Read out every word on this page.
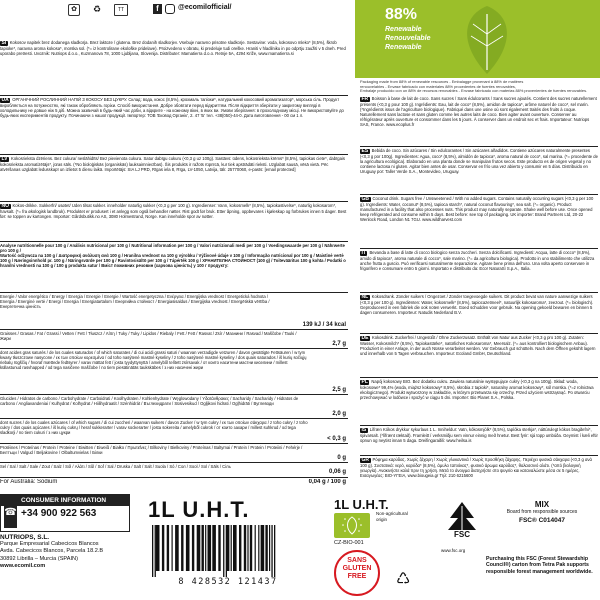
✿	♻	TT	f	@ecomilofficial/	88%
Renewable
Renouvelable
Renewable
Packaging made from 88% of renewable resources - Embalagge provenant à 88% de matières
renouvelables - Envase fabricado con materiales 88% procedentes de fuentes renovables,
Embalaje producido con un 88% de recursos renovables - Envase fabricado con materias 88% provenientes de fuentes renovables.
SI Kokosov napitek brez dodanega sladkorja. Brez laktoze / glutena. Brez dodanih sladkorjev. Vsebuje naravno prisotne sladkorje. Sestavine: voda, kokosovo mleko* (8,5%), škrob tapioke*, naravna aroma kokosa*, morska sol. (*= iz kontrolirane ekološke pridelave). Proizvedeno v obratu, ki predeluje tudi oreške. Hraniti v hladilniku in po odprtju zaužiti v 5 dneh. Pred uporabo pretresti. Uvoznik: Nutriops d.o.o., Kuzmanova 78, 1000 Ljubljana, Slovenija. Distributer: Mamatierra d.o.o. Retnje 5A, 4294 Križe, www.mamatierra.si
UA ОРГАНІЧНИЙ РОСЛИННИЙ НАПІЙ З КОКОСУ БЕЗ ЦУКРУ. Склад: вода, кокос (8,5%), крохмаль тапіоки*, натуральний кокосовий ароматизатор*, морська сіль. Продукт виробляється на потужностях, які також обробляють горіхи. Спосіб використання. Добре збовтати перед відкриттям. Після відкриття зберігати у закритому вигляді в холодильнику не довше ніж 5 діб. Можна зазвичай в будь-який час доби, а відкрите - на кожному вікні, в яких ви. Умови зберігання: в прохолодному місці. Не використовуйте до будь-яких експериментів продукту. Починаючи з нашої продукції. Імпортер: ТОВ 'Ековод Органік', 2. 47 'Б' тел. +38(050)-44-0. Дата виготовлення - 00 см 1 л.
LV Kokosrieksta dzēriens. Bez cukura/ neslāhidīts/ Bez pievienota cukura. Satur dabīgu cukuru (<0,3 g uz 100g). Sastāvs: ūdens, kokosrieksta krēms* (8,5%), tapiokas ciete*, dabīgais kokosrieksta aromatizētājs*, jūras sāls. (*No bioloģiskās (organiskās) lauksaimniecības). Šis produkts ir ražots rūpnīcā, kur tiek apstrādāti rieksti. Uzglabāt sausā, vēsā vietā. Pēc atvēršanas uzglabāt ledusskapī un izlietot 5 dienu laikā. Importētājs: SIA LJ PRD, Rīgas iela 8, Rīga, LV-1050, Latvija, tālr. 25770060, e-pasts: [email protected]
NO Kokos-drikke. Sukkerfri/ usøtet/ Uden tilsat sukker. inneholder naturlig sukker (<0,3 g per 100 g). Ingredienser: Vann, kokosmelk* (8,5%), tapiokastivelse*, naturlig kokosarom*, havsalt. (*= fra økologisk landbruk). Produktet er produsert i et anlegg som også behandler nøtter. Rist godt før bruk. Etter åpning, oppbevares i kjøleskap og forbrukes innen 5 dager. Best før: se toppen av kartongen. Importør: Gårdsbutikk.no AS, 3080 Holmestrand, Norge. Kan inneholde spor av nøtter.
Analyse nutritionnelle pour 100 g / Análisis nutricional por 100 g / Nutritional information per 100 g / Valori nutrizionali medi per 100 g / Voedingswaarde per 100 g / Nährwerte pro 100 g /
Wartość odżywcza na 100 g / Διατροφική ανάλυση ανά 100 g / Hranilna vrednost na 100 g výrobku / Výživové údaje v 100 g / Informação nutricional por 100 g / Maistinė vertė 100 g / Næringsinnhold pr. 100 g / Näringsvärde per 100 g / Ravintosisältö per 100 g / Tápérték 100 g / ХРАНИТЕЛНА СТОЙНОСТ (100 g) / Toitevääritus 100 g kohta / Podatki o hranilni vrednosti na 100 g / 100 g produkta satur / Вміст поживних речовин (харчова цінність) у 100 г продукту:
Energie / Valor energético / Energy / Energia / Energie / Energie / Wartość energetyczna / Ενέργεια / Energijska vrednost / Energetická hodnota / Energia / Energinė vertė / Energi / Energia / Energiatartalom / Eнергийна стойност / Energiasisaldus / Energijska vrednost / Energētiskā vērtība / Енергетична цінність
139 kJ / 34 kcal
Graisses / Grasas / Fat / Grassi / Vetten / Fett / Tłuszcz / Λίπη / Tuky / Tuky / Lipidos / Riebaly / Fett / Fett / Rasvat / Zsír / Мазнини / Rasvad / Maščobe / Tauki / Жири
2,7 g
dont acides gras saturés / de los cuales saturados / of which saturates / di cui acidi grassi saturi / waarvan verzadigde vetzuren / davon gesättigte Fettsäuren / w tym kwasy tłuszczowe nasycone / εκ των οποίων κορεσμένα / od toho nasýtené mastné kyseliny / z toho nasýtené mastné kyseliny / dos quais saturados / iš kurių sočiųjų riebalų rūgščių / hvoraf mættede fedtsyrer / varav mättat fett / josta tyydyttynyttä / amelyből telített zsírsavak / от които наситени мастни киселини / millest küllastunud rasvhapped / od tega nasičene maščobe / no tiem piesātinātās taukskābes / з них насичені жири
2,5 g
Glucides / Hidratos de carbono / Carbohydrate / Carboidrati / Koolhydraten / Kohlenhydrate / Węglowodany / Υδατάνθρακες / Sacharidy / Sacharidy / Hidratos de carbono / Angliavandeniai / Kulhydrat / Kolhydrat / Hiilihydraatit / Szénhidrát / Въглехидрати / Süsivesikud / Ogljikovi hidrati / Ogļhidrāti / Вуглеводи
2,0 g
dont sucres / de los cuales azúcares / of which sugars / di cui zuccheri / waarvan suikers / davon Zucker / w tym cukry / εκ των οποίων σάκχαρα / z toho cukry / z toho cukry / dos quais açúcares / iš kurių cukrų / heraf sukkerarter / varav sockerarter / josta sokereita / amelyből cukrok / от които захари / millest suhkrud / od tega sladkorji / no tiem cukuri / з них цукри
< 0,3 g
Protéines / Proteínas / Protein / Proteine / Eiwitten / Eiweiß / Białko / Πρωτεΐνες / Bílkoviny / Bielkoviny / Proteínas / Baltymai / Protein / Protein / Proteiini / Fehérje / Белтъци / Valgud / Beljakovine / Olbaltumvielas / Білки
0 g
Sel / Sal / Salt / Sale / Zout / Salz / Sól / Αλάτι / Sůl / Soľ / Sal / Druska / Salt / Salt / Suola / Só / Сол / Sool / Sol / Sāls / Сіль
0,06 g
For Australia: Sodium	0,04 g / 100 g
☎
CONSUMER INFORMATION
+34 900 922 563
NUTRIOPS, S.L.
Parque Empresarial Cabecicos Blancos
Avda. Cabecicos Blancos, Parcela 18.2.B
30892 Librilla – Murcia (SPAIN)
www.ecomil.com
1L U.H.T.
8 428532 121437
FR Boisson à base de lait de coco. Sans sucres / Sans édulcorants / Sans sucres ajoutés. Contient des sucres naturellement présents (<0,3 g pour 100 g). Ingrédients: Eau, lait de coco* (8,5%), amidon de tapioca*, arôme naturel de coco*, sel marin. (*Ingrédients issus de l'agriculture biologique). Fabriqué dans une usine où sont également traités des fruits à coque. Naturellement sans lactose et sans gluten comme les autres laits de coco. Bien agiter avant ouverture. Conserver au réfrigérateur après ouverture et consommer dans les 5 jours. À conserver dans un endroit sec et frais. Importateur: Nutriops SAS, France. www.ecoplus.fr
ES Bebida de coco. Sin azúcares / Sin edulcorantes / Sin azúcares añadidos. Contiene azúcares naturalmente presentes (<0,3 g por 100g). Ingredientes: Agua, coco* (8,5%), almidón de tapioca*, aroma natural de coco*, sal marina. (*= procedente de la agricultura ecológica). Elaborado en una planta donde se manipulan frutos secos. Este producto es de origen vegetal y no contiene lactosa ni gluten. Agitar bien antes de usar. Conservar en frío una vez abierto y consumir en 5 días. Distribuido en Uruguay por: Taller Verde S.A., Montevideo, Uruguay.
GB Coconut drink. Sugars free / Unsweetened / With no added sugars. Contains naturally occurring sugars (<0,3 g per 100 g). Ingredients: Water, coconut* (8,5%), tapioca starch*, natural coconut flavouring*, sea salt. (*= organic). Product manufactured in a facility that also processes nuts. This product may naturally separate. Shake well before use. Once opened keep refrigerated and consume within 5 days. Best before: see top of packaging. UK importer: Brand Partners Ltd, 20-22 Wenlock Road, London N1 7GU. www.wildharvest.com
IT Bevanda a base di latte di cocco biologico senza zuccheri. Senza dolcificanti. Ingredienti: Acqua, latte di cocco* (8,5%), amido di tapioca*, aroma naturale di cocco*, sale marino. (*= da agricoltura biologica). Prodotto in uno stabilimento che utilizza anche frutta a guscio. Può verificarsi naturalmente separazione. Agitare bene prima dell'uso. Una volta aperto conservare in frigorifero e consumare entro 5 giorni. Importato e distribuito da: Ecor NaturaSì S.p.A., Italia.
NL Kokosdrank. Zonder suikers / Ongezoet / Zonder toegevoegde suikers. Dit product bevat van nature aanwezige suikers (<0,3 g per 100 g). Ingrediënten: Water, kokosmelk* (8,5%), tapiocazetmeel*, natuurlijk kokosaroma*, zeezout. (*= biologisch). Geproduceerd in een fabriek die ook noten verwerkt. Goed schudden voor gebruik. Na opening gekoeld bewaren en binnen 5 dagen consumeren. Importeur: Natudis Nederland B.V.
DE Kokosdrink. Zuckerfrei / Ungesüßt / Ohne Zuckerzusatz. Enthält von Natur aus Zucker (<0,3 g pro 100 g). Zutaten: Wasser, Kokosmilch* (8,5%), Tapiokastärke*, natürliches Kokosaroma*, Meersalz. (*= aus kontrolliert biologischem Anbau). Produziert in einer Anlage, in der auch Nüsse verarbeitet werden. Vor Gebrauch gut schütteln. Nach dem Öffnen gekühlt lagern und innerhalb von 5 Tagen verbrauchen. Importeur: Ecoland GmbH, Deutschland.
PL Napój kokosowy BIO. Bez dodatku cukru. Zawiera naturalnie występujące cukry (<0,3 g na 100g). Skład: woda, kokosowe* 99,4% (woda, miąższ kokosowy* 8,5%), skrobia z tapioki*, naturalny aromat kokosowy*, sól morska. (*=z rolnictwa ekologicznego). Produkt wytworzony w zakładzie, w którym przetwarza się orzechy. Przed użyciem wstrząsnąć. Po otwarciu przechowywać w lodówce i spożyć w ciągu 5 dni. Importer: Bio Planet S.A., Polska.
IS Lífræn Kókos drykkur sykurlaus 1 L. Inniheldur: Vatn, kókosmjólk* (8,5%), tapíóka sterkja*, náttúrulegt kókos bragðefni*, sjávarsalt. (*lífrænt ræktað). Framleitt í verksmiðju sem vinnur einnig með hnetur. Best fyrir: sjá topp umbúða. Geymist í kæli eftir opnun og neytist innan 5 daga. Dreifingaraðili: www.heilsa.is
GR Ρόφημα καρύδας. Χωρίς ζάχαρη / Χωρίς γλυκαντικά / Χωρίς προσθήκη ζάχαρης. Περιέχει φυσικά σάκχαρα (<0,3 g ανά 100 g). Συστατικά: νερό, καρύδα* (8,5%), άμυλο ταπιόκας*, φυσικό άρωμα καρύδας*, θαλασσινό αλάτι. (*από βιολογική γεωργία). Ανακινήστε καλά πριν τη χρήση. Μετά το άνοιγμα διατηρήστε στο ψυγείο και καταναλώστε μέσα σε 5 ημέρες. Εισαγωγέας: BIO-ΥΓΕΙΑ, www.biougeia.gr Τηλ: 210 6215600
1L U.H.T.
Non-agricultural origin
CZ-BIO-001
SANS
GLUTEN
FREE	♺
FSC
www.fsc.org
MIX
Board from responsible sources
FSC® C014047
Purchasing this FSC (Forest Stewardship Council®) carton from Tetra Pak supports responsible forest management worldwide.
